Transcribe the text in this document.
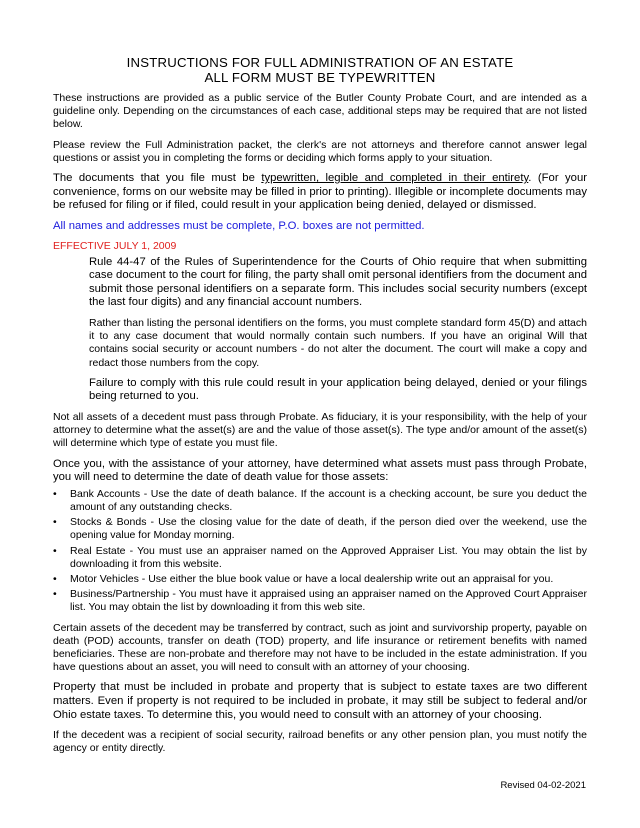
INSTRUCTIONS FOR FULL ADMINISTRATION OF AN ESTATE
ALL FORM MUST BE TYPEWRITTEN

These instructions are provided as a public service of the Butler County Probate Court, and are intended as a guideline only. Depending on the circumstances of each case, additional steps may be required that are not listed below.

Please review the Full Administration packet, the clerk's are not attorneys and therefore cannot answer legal questions or assist you in completing the forms or deciding which forms apply to your situation.

The documents that you file must be typewritten, legible and completed in their entirety. (For your convenience, forms on our website may be filled in prior to printing). Illegible or incomplete documents may be refused for filing or if filed, could result in your application being denied, delayed or dismissed.

All names and addresses must be complete, P.O. boxes are not permitted.

EFFECTIVE JULY 1, 2009

Rule 44-47 of the Rules of Superintendence for the Courts of Ohio require that when submitting case document to the court for filing, the party shall omit personal identifiers from the document and submit those personal identifiers on a separate form. This includes social security numbers (except the last four digits) and any financial account numbers.

Rather than listing the personal identifiers on the forms, you must complete standard form 45(D) and attach it to any case document that would normally contain such numbers. If you have an original Will that contains social security or account numbers - do not alter the document. The court will make a copy and redact those numbers from the copy.

Failure to comply with this rule could result in your application being delayed, denied or your filings being returned to you.

Not all assets of a decedent must pass through Probate. As fiduciary, it is your responsibility, with the help of your attorney to determine what the asset(s) are and the value of those asset(s). The type and/or amount of the asset(s) will determine which type of estate you must file.

Once you, with the assistance of your attorney, have determined what assets must pass through Probate, you will need to determine the date of death value for those assets:

• Bank Accounts - Use the date of death balance. If the account is a checking account, be sure you deduct the amount of any outstanding checks.
• Stocks & Bonds - Use the closing value for the date of death, if the person died over the weekend, use the opening value for Monday morning.
• Real Estate - You must use an appraiser named on the Approved Appraiser List. You may obtain the list by downloading it from this website.
• Motor Vehicles - Use either the blue book value or have a local dealership write out an appraisal for you.
• Business/Partnership - You must have it appraised using an appraiser named on the Approved Court Appraiser list. You may obtain the list by downloading it from this web site.

Certain assets of the decedent may be transferred by contract, such as joint and survivorship property, payable on death (POD) accounts, transfer on death (TOD) property, and life insurance or retirement benefits with named beneficiaries. These are non-probate and therefore may not have to be included in the estate administration. If you have questions about an asset, you will need to consult with an attorney of your choosing.

Property that must be included in probate and property that is subject to estate taxes are two different matters. Even if property is not required to be included in probate, it may still be subject to federal and/or Ohio estate taxes. To determine this, you would need to consult with an attorney of your choosing.

If the decedent was a recipient of social security, railroad benefits or any other pension plan, you must notify the agency or entity directly.

Revised 04-02-2021
